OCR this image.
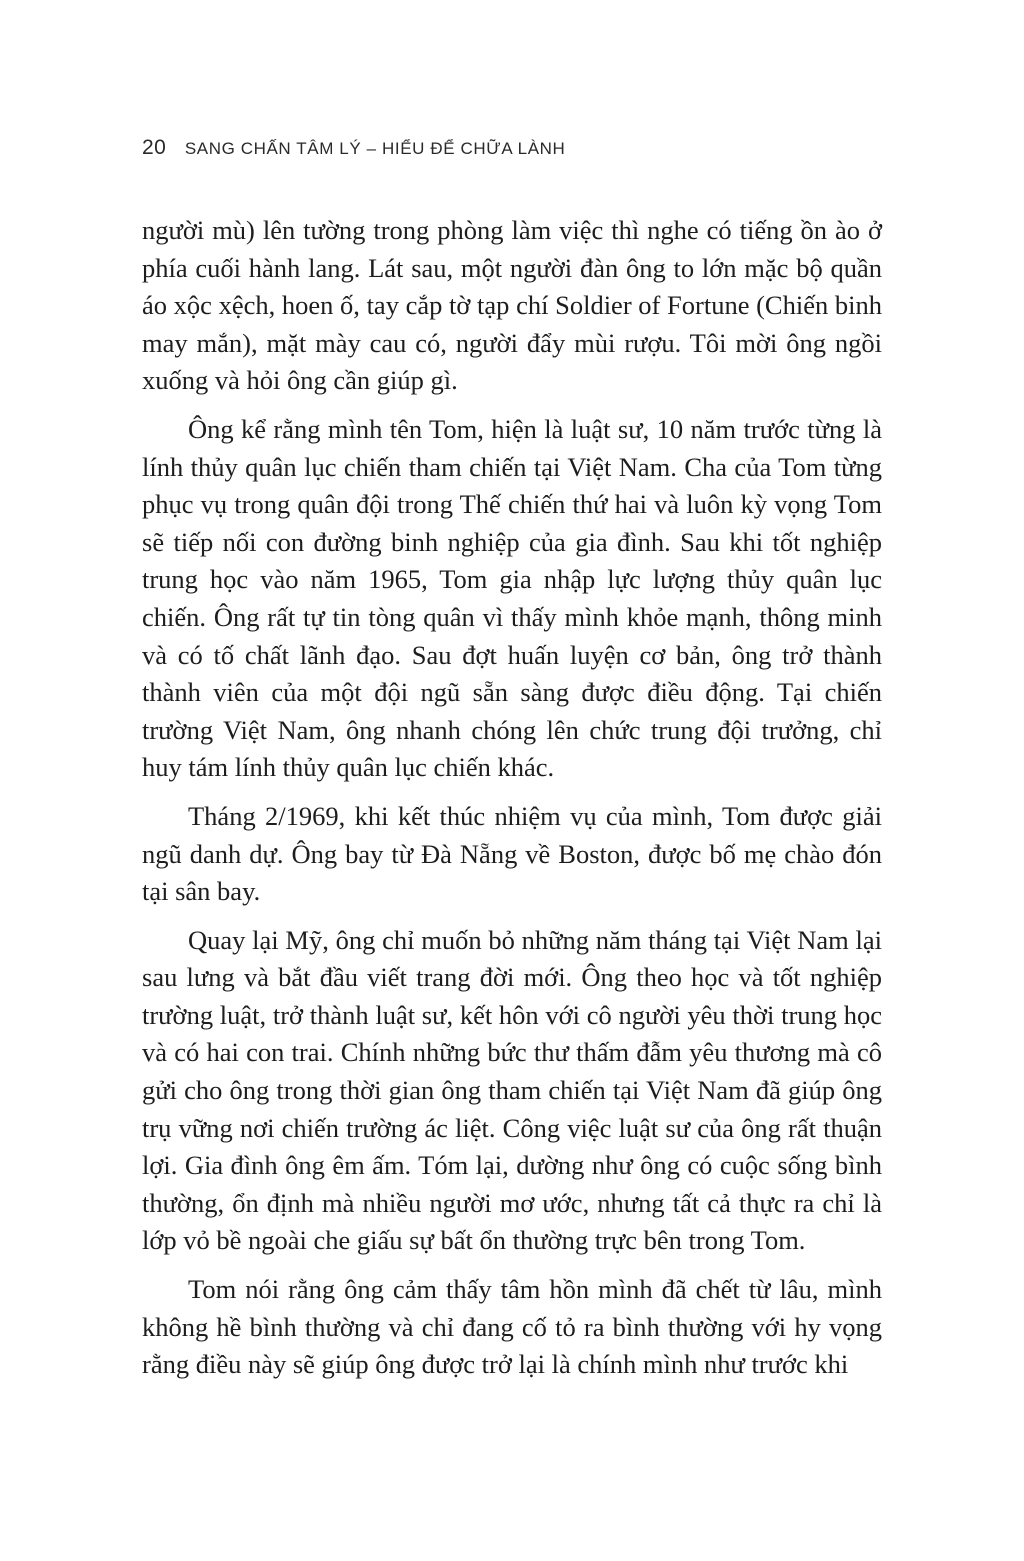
20 SANG CHẤN TÂM LÝ – HIỂU ĐỂ CHỮA LÀNH

người mù) lên tường trong phòng làm việc thì nghe có tiếng ồn ào ở phía cuối hành lang. Lát sau, một người đàn ông to lớn mặc bộ quần áo xộc xệch, hoen ố, tay cắp tờ tạp chí Soldier of Fortune (Chiến binh may mắn), mặt mày cau có, người đẩy mùi rượu. Tôi mời ông ngồi xuống và hỏi ông cần giúp gì.

Ông kể rằng mình tên Tom, hiện là luật sư, 10 năm trước từng là lính thủy quân lục chiến tham chiến tại Việt Nam. Cha của Tom từng phục vụ trong quân đội trong Thế chiến thứ hai và luôn kỳ vọng Tom sẽ tiếp nối con đường binh nghiệp của gia đình. Sau khi tốt nghiệp trung học vào năm 1965, Tom gia nhập lực lượng thủy quân lục chiến. Ông rất tự tin tòng quân vì thấy mình khỏe mạnh, thông minh và có tố chất lãnh đạo. Sau đợt huấn luyện cơ bản, ông trở thành thành viên của một đội ngũ sẵn sàng được điều động. Tại chiến trường Việt Nam, ông nhanh chóng lên chức trung đội trưởng, chỉ huy tám lính thủy quân lục chiến khác.

Tháng 2/1969, khi kết thúc nhiệm vụ của mình, Tom được giải ngũ danh dự. Ông bay từ Đà Nẵng về Boston, được bố mẹ chào đón tại sân bay.

Quay lại Mỹ, ông chỉ muốn bỏ những năm tháng tại Việt Nam lại sau lưng và bắt đầu viết trang đời mới. Ông theo học và tốt nghiệp trường luật, trở thành luật sư, kết hôn với cô người yêu thời trung học và có hai con trai. Chính những bức thư thấm đẫm yêu thương mà cô gửi cho ông trong thời gian ông tham chiến tại Việt Nam đã giúp ông trụ vững nơi chiến trường ác liệt. Công việc luật sư của ông rất thuận lợi. Gia đình ông êm ấm. Tóm lại, dường như ông có cuộc sống bình thường, ổn định mà nhiều người mơ ước, nhưng tất cả thực ra chỉ là lớp vỏ bề ngoài che giấu sự bất ổn thường trực bên trong Tom.

Tom nói rằng ông cảm thấy tâm hồn mình đã chết từ lâu, mình không hề bình thường và chỉ đang cố tỏ ra bình thường với hy vọng rằng điều này sẽ giúp ông được trở lại là chính mình như trước khi
